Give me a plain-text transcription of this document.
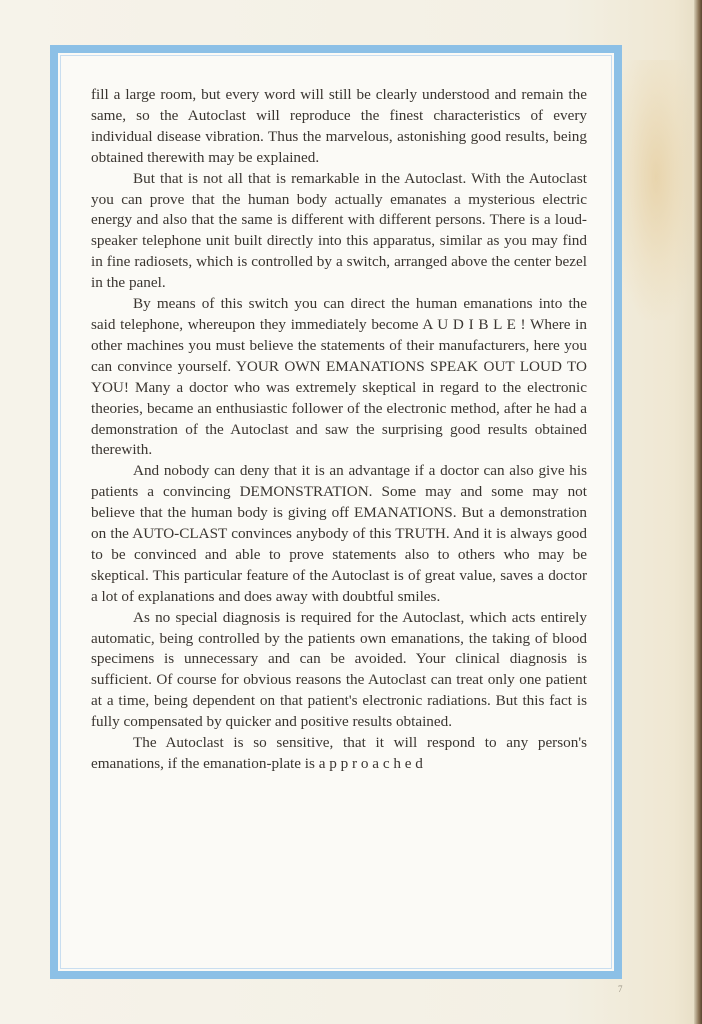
fill a large room, but every word will still be clearly understood and remain the same, so the Autoclast will reproduce the finest characteristics of every individual disease vibration. Thus the marvelous, astonishing good results, being obtained therewith may be explained.

But that is not all that is remarkable in the Autoclast. With the Autoclast you can prove that the human body actually emanates a mysterious electric energy and also that the same is different with different persons. There is a loud-speaker telephone unit built directly into this apparatus, similar as you may find in fine radiosets, which is controlled by a switch, arranged above the center bezel in the panel.

By means of this switch you can direct the human emanations into the said telephone, whereupon they immediately become A U D I B L E ! Where in other machines you must believe the statements of their manufacturers, here you can convince yourself. YOUR OWN EMANATIONS SPEAK OUT LOUD TO YOU! Many a doctor who was extremely skeptical in regard to the electronic theories, became an enthusiastic follower of the electronic method, after he had a demonstration of the Autoclast and saw the surprising good results obtained therewith.

And nobody can deny that it is an advantage if a doctor can also give his patients a convincing DEMONSTRATION. Some may and some may not believe that the human body is giving off EMANATIONS. But a demonstration on the AUTO-CLAST convinces anybody of this TRUTH. And it is always good to be convinced and able to prove statements also to others who may be skeptical. This particular feature of the Autoclast is of great value, saves a doctor a lot of explanations and does away with doubtful smiles.

As no special diagnosis is required for the Autoclast, which acts entirely automatic, being controlled by the patients own emanations, the taking of blood specimens is unnecessary and can be avoided. Your clinical diagnosis is sufficient. Of course for obvious reasons the Autoclast can treat only one patient at a time, being dependent on that patient's electronic radiations. But this fact is fully compensated by quicker and positive results obtained.

The Autoclast is so sensitive, that it will respond to any person's emanations, if the emanation-plate is a p p r o a c h e d

7
